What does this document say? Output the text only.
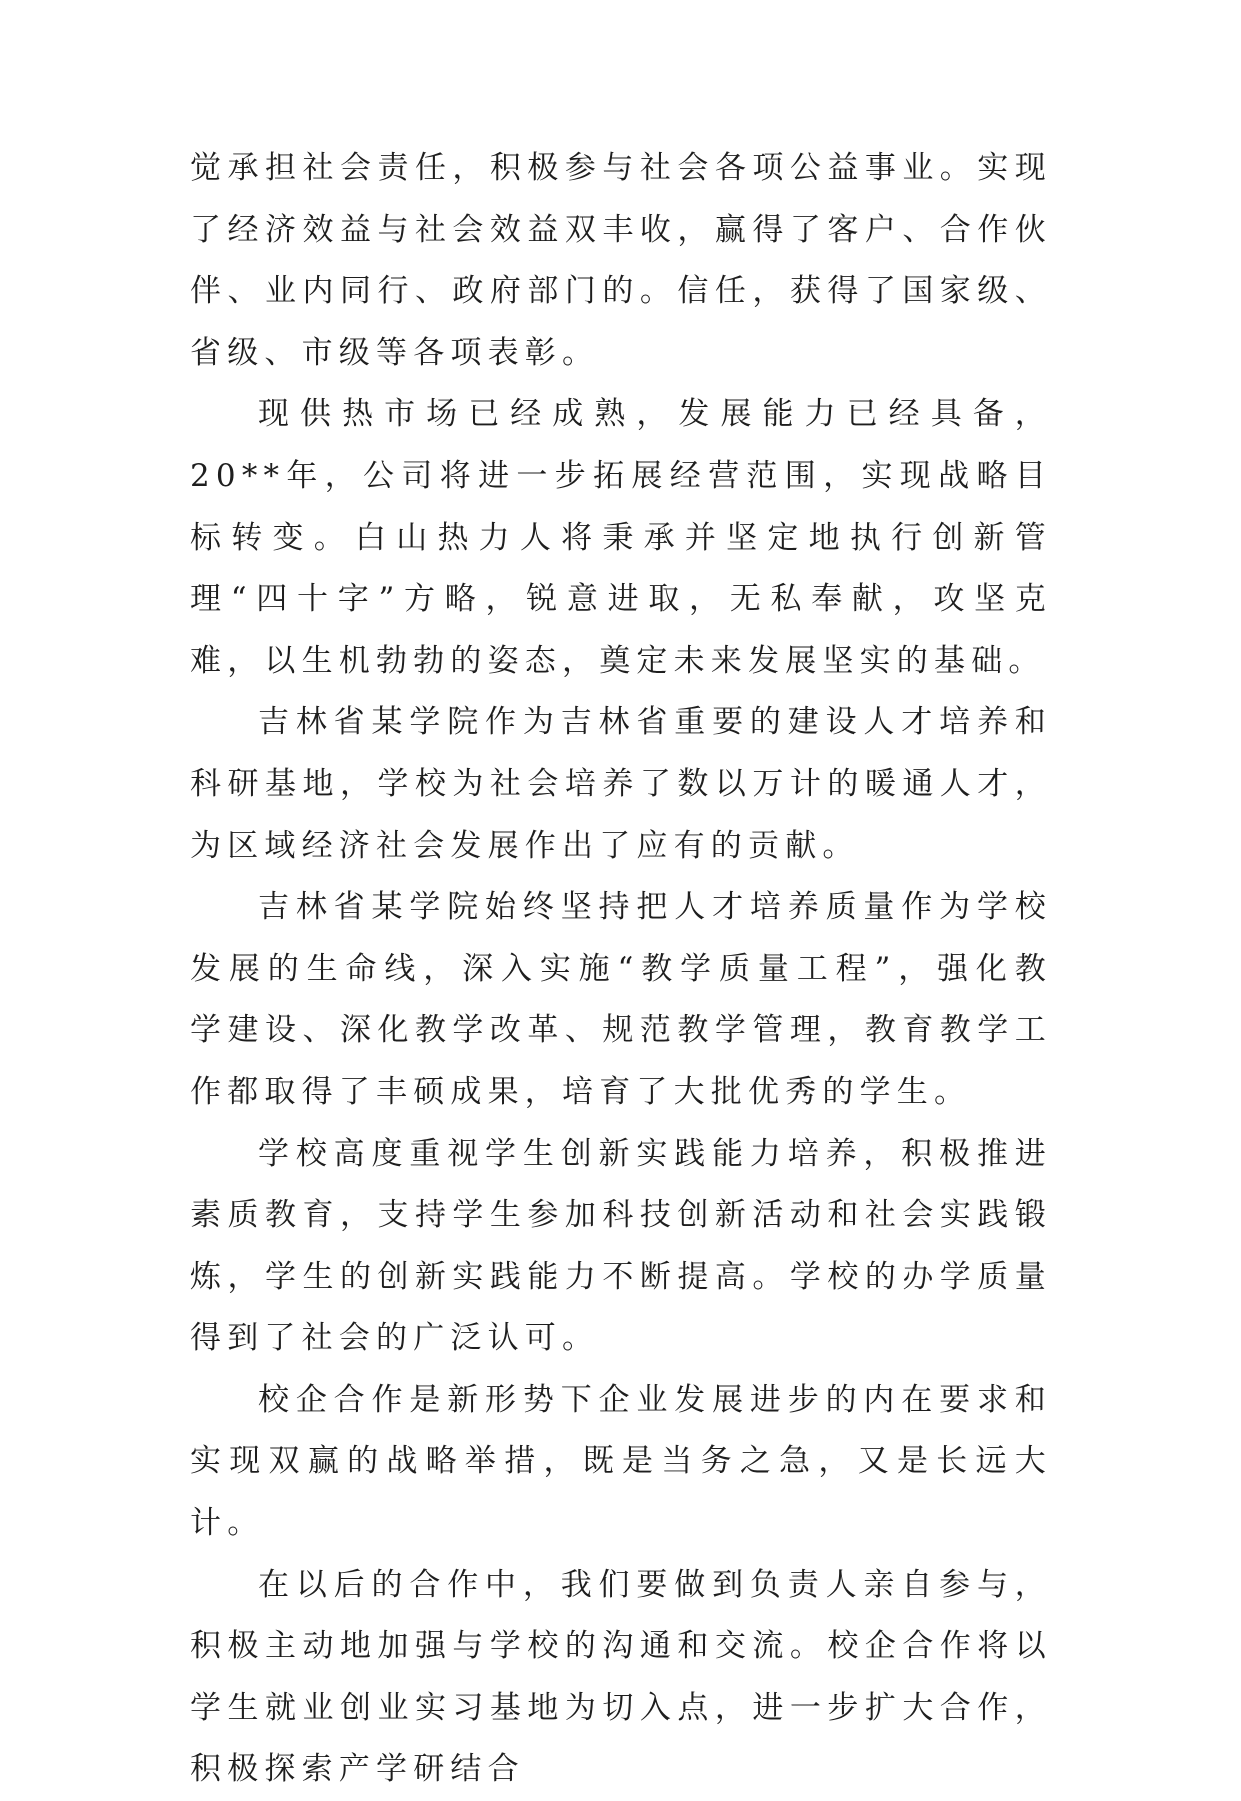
觉承担社会责任，积极参与社会各项公益事业。实现了经济效益与社会效益双丰收，赢得了客户、合作伙伴、业内同行、政府部门的。信任，获得了国家级、省级、市级等各项表彰。

现供热市场已经成熟，发展能力已经具备，20**年，公司将进一步拓展经营范围，实现战略目标转变。白山热力人将秉承并坚定地执行创新管理“四十字”方略，锐意进取，无私奉献，攻坚克难，以生机勃勃的姿态，奠定未来发展坚实的基础。

吉林省某学院作为吉林省重要的建设人才培养和科研基地，学校为社会培养了数以万计的暖通人才，为区域经济社会发展作出了应有的贡献。

吉林省某学院始终坚持把人才培养质量作为学校发展的生命线，深入实施“教学质量工程”，强化教学建设、深化教学改革、规范教学管理，教育教学工作都取得了丰硕成果，培育了大批优秀的学生。

学校高度重视学生创新实践能力培养，积极推进素质教育，支持学生参加科技创新活动和社会实践锻炼，学生的创新实践能力不断提高。学校的办学质量得到了社会的广泛认可。

校企合作是新形势下企业发展进步的内在要求和实现双赢的战略举措，既是当务之急，又是长远大计。

在以后的合作中，我们要做到负责人亲自参与，积极主动地加强与学校的沟通和交流。校企合作将以学生就业创业实习基地为切入点，进一步扩大合作，积极探索产学研结合
